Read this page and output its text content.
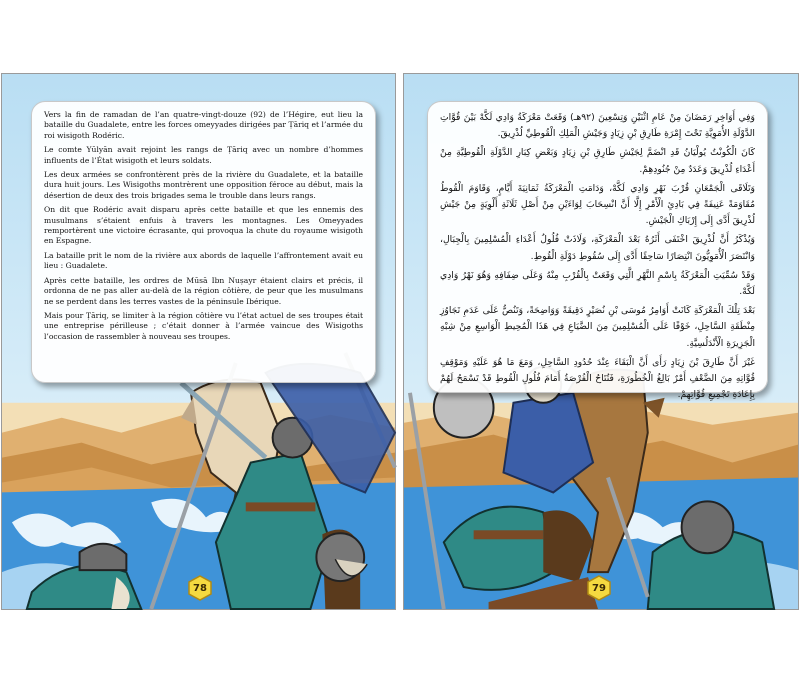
Vers la fin de ramadan de l’an quatre-vingt-douze (92) de l’Hégire, eut lieu la bataille du Guadalete, entre les forces omeyyades dirigées par Ṭāriq et l’armée du roi wisigoth Rodéric.

Le comte Yūlyān avait rejoint les rangs de Ṭāriq avec un nombre d’hommes influents de l’État wisigoth et leurs soldats.

Les deux armées se confrontèrent près de la rivière du Guadalete, et la bataille dura huit jours. Les Wisigoths montrèrent une opposition féroce au début, mais la désertion de deux des trois brigades sema le trouble dans leurs rangs.

On dit que Rodéric avait disparu après cette bataille et que les ennemis des musulmans s’étaient enfuis à travers les montagnes. Les Omeyyades remportèrent une victoire écrasante, qui provoqua la chute du royaume wisigoth en Espagne.

La bataille prit le nom de la rivière aux abords de laquelle l’affrontement avait eu lieu : Guadalete.

Après cette bataille, les ordres de Mūsā Ibn Nuṣayr étaient clairs et précis, il ordonna de ne pas aller au-delà de la région côtière, de peur que les musulmans ne se perdent dans les terres vastes de la péninsule Ibérique.

Mais pour Ṭāriq, se limiter à la région côtière vu l’état actuel de ses troupes était une entreprise périlleuse ; c’était donner à l’armée vaincue des Wisigoths l’occasion de rassembler à nouveau ses troupes.

78

وَفِي أَوَاخِرِ رَمَضَانَ مِنْ عَامِ اثْنَيْنِ وَتِسْعِينَ (٩٢هـ) وَقَعَتْ مَعْرَكَةُ وَادِي لَكَّهْ بَيْنَ قُوَّاتِ الدَّوْلَةِ الأُمَوِيَّةِ تَحْتَ إِمْرَةِ طَارِقِ بْنِ زِيَادٍ وَجَيْشِ الْمَلِكِ الْقُوطِيِّ لُذْرِيقَ.

كَانَ الْكُونْتُ يُولْيَانُ قَدِ انْضَمَّ لِجَيْشِ طَارِقِ بْنِ زِيَادٍ وَبَعْضِ كِبَارِ الدَّوْلَةِ الْقُوطِيَّةِ مِنْ أَعْدَاءِ لُذْرِيقَ وَعَدَدٌ مِنْ جُنُودِهِمْ.

وَتَلَاقَى الْجَمْعَانِ قُرْبَ نَهْرِ وَادِي لَكَّهْ، وَدَامَتِ الْمَعْرَكَةُ ثَمَانِيَةَ أَيَّامٍ، وَقَاوَمَ الْقُوطُ مُقَاوَمَةً عَنِيفَةً فِي بَادِئِ الْأَمْرِ إِلَّا أَنَّ انْسِحَابَ لِوَاءَيْنِ مِنْ أَصْلِ ثَلَاثَةِ أَلْوِيَةٍ مِنْ جَيْشِ لُذْرِيقَ أَدَّى إِلَى إِرْبَاكِ الْجَيْشِ.

وَيُذْكَرُ أَنَّ لُذْرِيقَ اخْتَفَى أَثَرُهُ بَعْدَ الْمَعْرَكَةِ، وَلَاذَتْ فُلُولُ أَعْدَاءِ الْمُسْلِمِينَ بِالْجِبَالِ، وَانْتَصَرَ الْأُمَوِيُّونَ انْتِصَارًا سَاحِقًا أَدَّى إِلَى سُقُوطِ دَوْلَةِ الْقُوطِ.

وَقَدْ سُمِّيَتِ الْمَعْرَكَةُ بِاسْمِ النَّهْرِ الَّتِي وَقَعَتْ بِالْقُرْبِ مِنْهُ وَعَلَى ضِفَافِهِ وَهُوَ نَهْرُ وَادِي لَكَّهْ.

بَعْدَ تِلْكَ الْمَعْرَكَةِ كَانَتْ أَوَامِرُ مُوسَى بْنِ نُصَيْرٍ دَقِيقَةً وَوَاضِحَةً، وَتَنُصُّ عَلَى عَدَمِ تَجَاوُزِ مِنْطَقَةِ السَّاحِلِ، خَوْفًا عَلَى الْمُسْلِمِينَ مِنَ الضَّيَاعِ فِي هَذَا الْمُحِيطِ الْوَاسِعِ مِنْ شِبْهِ الْجَزِيرَةِ الْأَنْدَلُسِيَّةِ.

غَيْرَ أَنَّ طَارِقَ بْنَ زِيَادٍ رَأَى أَنَّ الْبَقَاءَ عِنْدَ حُدُودِ السَّاحِلِ، وَمَعَ مَا هُوَ عَلَيْهِ وَمَوْقِفِ قُوَّاتِهِ مِنَ الضَّعْفِ أَمْرٌ بَالِغُ الْخُطُورَةِ، فَتُتَاحُ الْفُرْصَةُ أَمَامَ فُلُولِ الْقُوطِ قَدْ تَسْمَحُ لَهُمْ بِإِعَادَةِ تَجْمِيعِ قُوَّاتِهِمْ.

79
